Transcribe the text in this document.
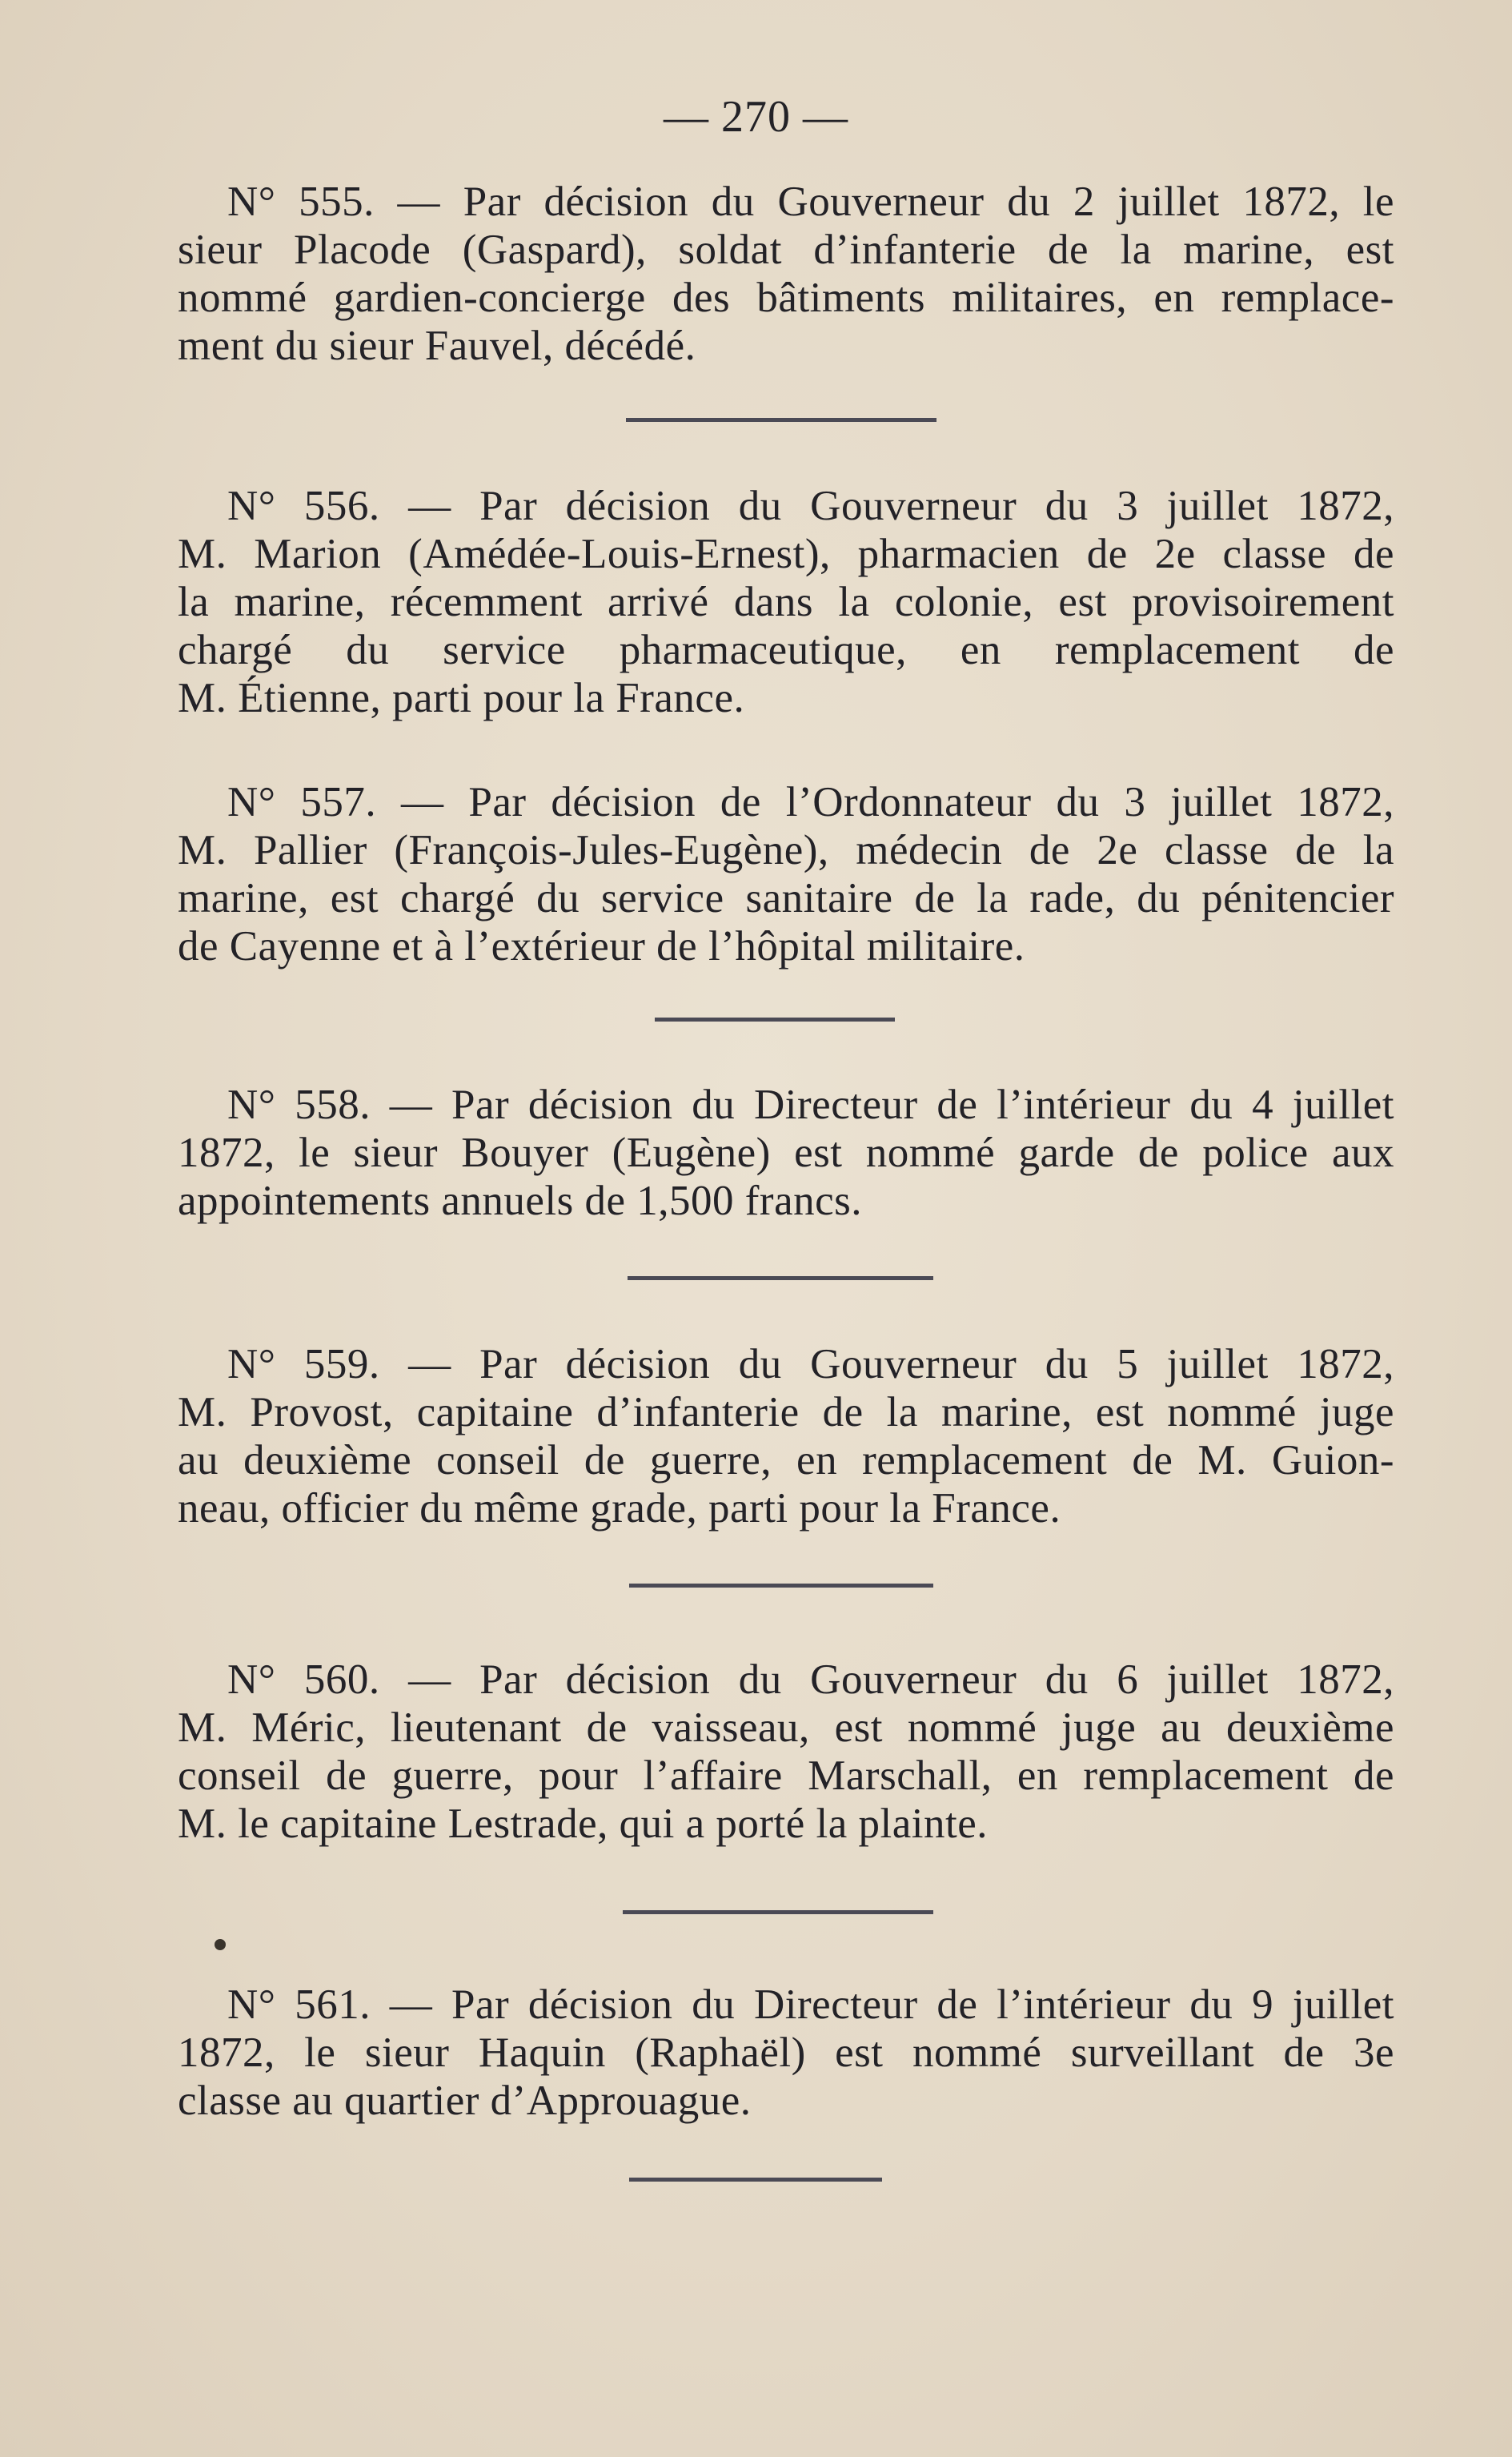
— 270 —
N° 555. — Par décision du Gouverneur du 2 juillet 1872, le
sieur Placode (Gaspard), soldat d’infanterie de la marine, est
nommé gardien-concierge des bâtiments militaires, en remplace-
ment du sieur Fauvel, décédé.
N° 556. — Par décision du Gouverneur du 3 juillet 1872,
M. Marion (Amédée-Louis-Ernest), pharmacien de 2e classe de
la marine, récemment arrivé dans la colonie, est provisoirement
chargé du service pharmaceutique, en remplacement de
M. Étienne, parti pour la France.
N° 557. — Par décision de l’Ordonnateur du 3 juillet 1872,
M. Pallier (François-Jules-Eugène), médecin de 2e classe de la
marine, est chargé du service sanitaire de la rade, du pénitencier
de Cayenne et à l’extérieur de l’hôpital militaire.
N° 558. — Par décision du Directeur de l’intérieur du 4 juillet
1872, le sieur Bouyer (Eugène) est nommé garde de police aux
appointements annuels de 1,500 francs.
N° 559. — Par décision du Gouverneur du 5 juillet 1872,
M. Provost, capitaine d’infanterie de la marine, est nommé juge
au deuxième conseil de guerre, en remplacement de M. Guion-
neau, officier du même grade, parti pour la France.
N° 560. — Par décision du Gouverneur du 6 juillet 1872,
M. Méric, lieutenant de vaisseau, est nommé juge au deuxième
conseil de guerre, pour l’affaire Marschall, en remplacement de
M. le capitaine Lestrade, qui a porté la plainte.
N° 561. — Par décision du Directeur de l’intérieur du 9 juillet
1872, le sieur Haquin (Raphaël) est nommé surveillant de 3e
classe au quartier d’Approuague.
